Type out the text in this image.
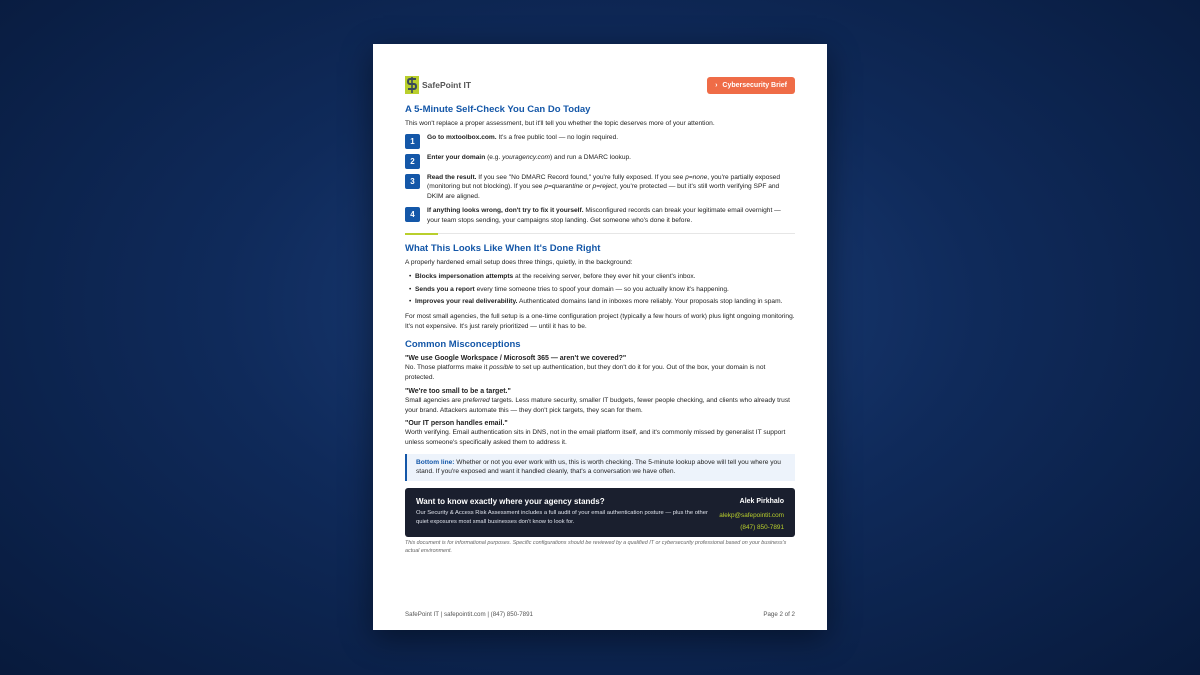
SafePoint IT	› Cybersecurity Brief
A 5-Minute Self-Check You Can Do Today

This won't replace a proper assessment, but it'll tell you whether the topic deserves more of your attention.

1	Go to mxtoolbox.com. It's a free public tool — no login required.

2	Enter your domain (e.g. youragency.com) and run a DMARC lookup.

3	Read the result. If you see "No DMARC Record found," you're fully exposed. If you see p=none, you're partially exposed (monitoring but not blocking). If you see p=quarantine or p=reject, you're protected — but it's still worth verifying SPF and DKIM are aligned.

4	If anything looks wrong, don't try to fix it yourself. Misconfigured records can break your legitimate email overnight — your team stops sending, your campaigns stop landing. Get someone who's done it before.

What This Looks Like When It's Done Right

A properly hardened email setup does three things, quietly, in the background:

• Blocks impersonation attempts at the receiving server, before they ever hit your client's inbox.
• Sends you a report every time someone tries to spoof your domain — so you actually know it's happening.
• Improves your real deliverability. Authenticated domains land in inboxes more reliably. Your proposals stop landing in spam.

For most small agencies, the full setup is a one-time configuration project (typically a few hours of work) plus light ongoing monitoring. It's not expensive. It's just rarely prioritized — until it has to be.

Common Misconceptions
"We use Google Workspace / Microsoft 365 — aren't we covered?"

No. Those platforms make it possible to set up authentication, but they don't do it for you. Out of the box, your domain is not protected.

"We're too small to be a target."

Small agencies are preferred targets. Less mature security, smaller IT budgets, fewer people checking, and clients who already trust your brand. Attackers automate this — they don't pick targets, they scan for them.

"Our IT person handles email."

Worth verifying. Email authentication sits in DNS, not in the email platform itself, and it's commonly missed by generalist IT support unless someone's specifically asked them to address it.

Bottom line: Whether or not you ever work with us, this is worth checking. The 5-minute lookup above will tell you where you stand. If you're exposed and want it handled cleanly, that's a conversation we have often.

Want to know exactly where your agency stands?

Our Security & Access Risk Assessment includes a full audit of your email authentication posture — plus the other quiet exposures most small businesses don't know to look for.

Alek Pirkhalo

alekp@safepointit.com

(847) 850-7891

This document is for informational purposes. Specific configurations should be reviewed by a qualified IT or cybersecurity professional based on your business's actual environment.
SafePoint IT | safepointit.com | (847) 850-7891	Page 2 of 2
